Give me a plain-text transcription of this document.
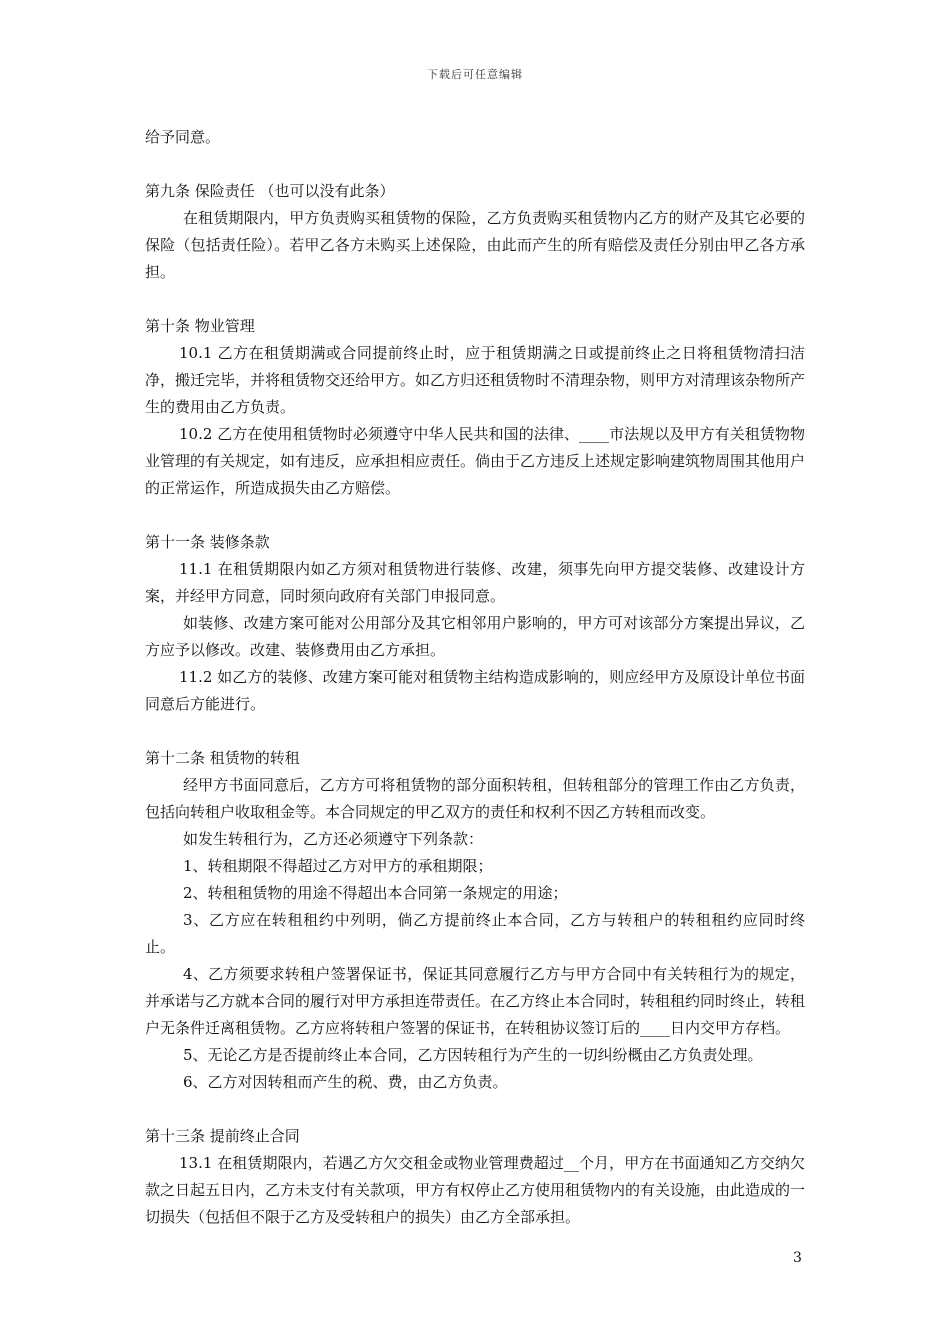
下载后可任意编辑

给予同意。

第九条 保险责任 （也可以没有此条）

在租赁期限内，甲方负责购买租赁物的保险，乙方负责购买租赁物内乙方的财产及其它必要的保险（包括责任险）。若甲乙各方未购买上述保险，由此而产生的所有赔偿及责任分别由甲乙各方承担。

第十条 物业管理

10.1 乙方在租赁期满或合同提前终止时，应于租赁期满之日或提前终止之日将租赁物清扫洁净，搬迁完毕，并将租赁物交还给甲方。如乙方归还租赁物时不清理杂物，则甲方对清理该杂物所产生的费用由乙方负责。

10.2 乙方在使用租赁物时必须遵守中华人民共和国的法律、____市法规以及甲方有关租赁物物业管理的有关规定，如有违反，应承担相应责任。倘由于乙方违反上述规定影响建筑物周围其他用户的正常运作，所造成损失由乙方赔偿。

第十一条 装修条款

11.1 在租赁期限内如乙方须对租赁物进行装修、改建，须事先向甲方提交装修、改建设计方案，并经甲方同意，同时须向政府有关部门申报同意。

如装修、改建方案可能对公用部分及其它相邻用户影响的，甲方可对该部分方案提出异议，乙方应予以修改。改建、装修费用由乙方承担。

11.2 如乙方的装修、改建方案可能对租赁物主结构造成影响的，则应经甲方及原设计单位书面同意后方能进行。

第十二条 租赁物的转租

经甲方书面同意后，乙方方可将租赁物的部分面积转租，但转租部分的管理工作由乙方负责，包括向转租户收取租金等。本合同规定的甲乙双方的责任和权利不因乙方转租而改变。

如发生转租行为，乙方还必须遵守下列条款：

1、转租期限不得超过乙方对甲方的承租期限；

2、转租租赁物的用途不得超出本合同第一条规定的用途；

3、乙方应在转租租约中列明，倘乙方提前终止本合同，乙方与转租户的转租租约应同时终止。

4、乙方须要求转租户签署保证书，保证其同意履行乙方与甲方合同中有关转租行为的规定，并承诺与乙方就本合同的履行对甲方承担连带责任。在乙方终止本合同时，转租租约同时终止，转租户无条件迁离租赁物。乙方应将转租户签署的保证书，在转租协议签订后的____日内交甲方存档。

5、无论乙方是否提前终止本合同，乙方因转租行为产生的一切纠纷概由乙方负责处理。

6、乙方对因转租而产生的税、费，由乙方负责。

第十三条 提前终止合同

13.1 在租赁期限内，若遇乙方欠交租金或物业管理费超过__个月，甲方在书面通知乙方交纳欠款之日起五日内，乙方未支付有关款项，甲方有权停止乙方使用租赁物内的有关设施，由此造成的一切损失（包括但不限于乙方及受转租户的损失）由乙方全部承担。

3
